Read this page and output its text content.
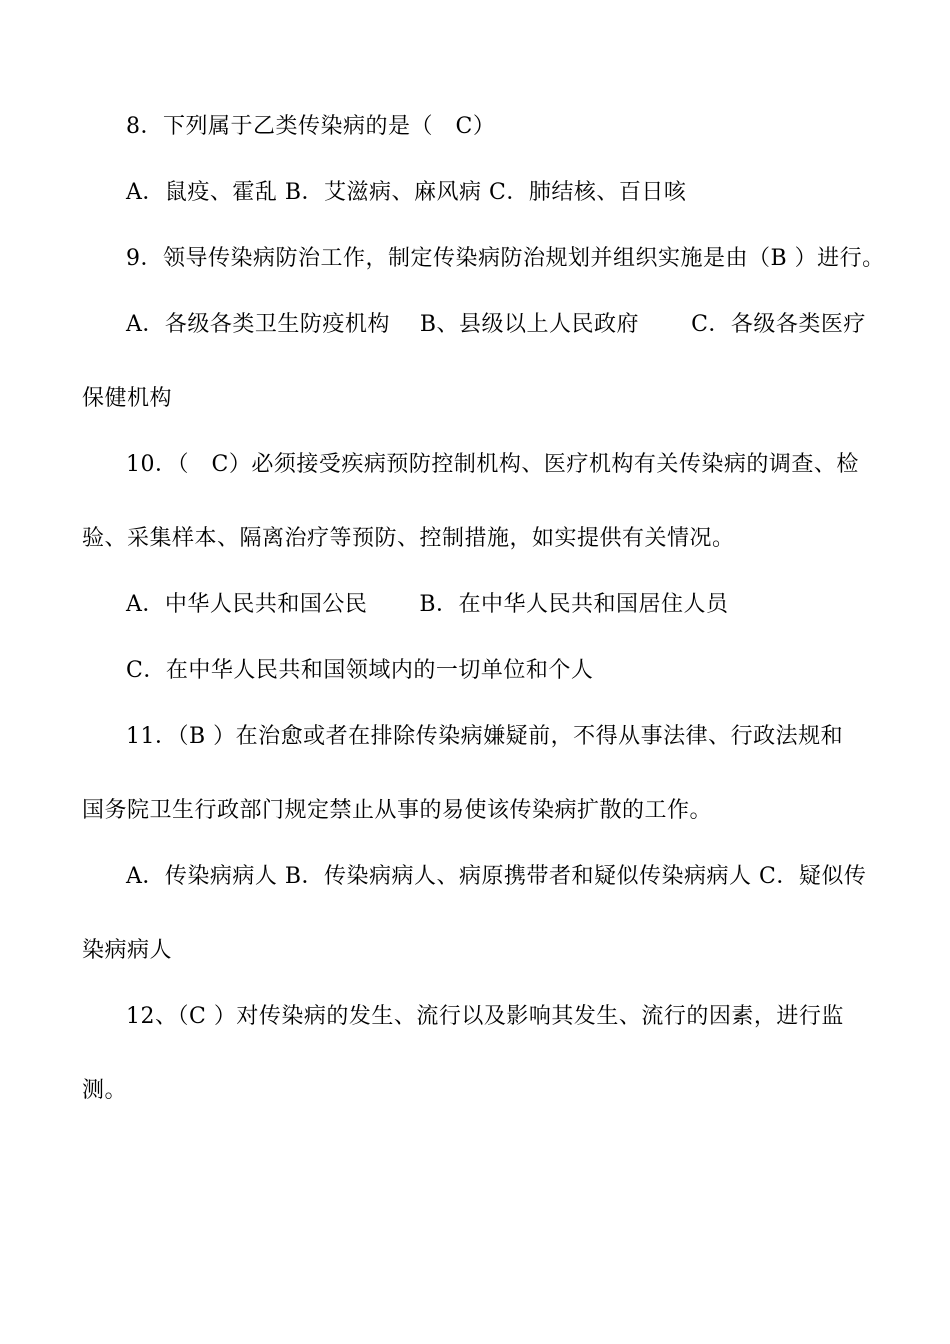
8．下列属于乙类传染病的是（　C）
A．鼠疫、霍乱 B．艾滋病、麻风病 C．肺结核、百日咳
9．领导传染病防治工作，制定传染病防治规划并组织实施是由（B ）进行。
A．各级各类卫生防疫机构 B、县级以上人民政府 C．各级各类医疗
保健机构
10．（　C）必须接受疾病预防控制机构、医疗机构有关传染病的调查、检
验、采集样本、隔离治疗等预防、控制措施，如实提供有关情况。
A．中华人民共和国公民 B．在中华人民共和国居住人员
C．在中华人民共和国领域内的一切单位和个人
11．（B ）在治愈或者在排除传染病嫌疑前，不得从事法律、行政法规和
国务院卫生行政部门规定禁止从事的易使该传染病扩散的工作。
A．传染病病人 B．传染病病人、病原携带者和疑似传染病病人 C．疑似传
染病病人
12、（C ）对传染病的发生、流行以及影响其发生、流行的因素，进行监
测。
